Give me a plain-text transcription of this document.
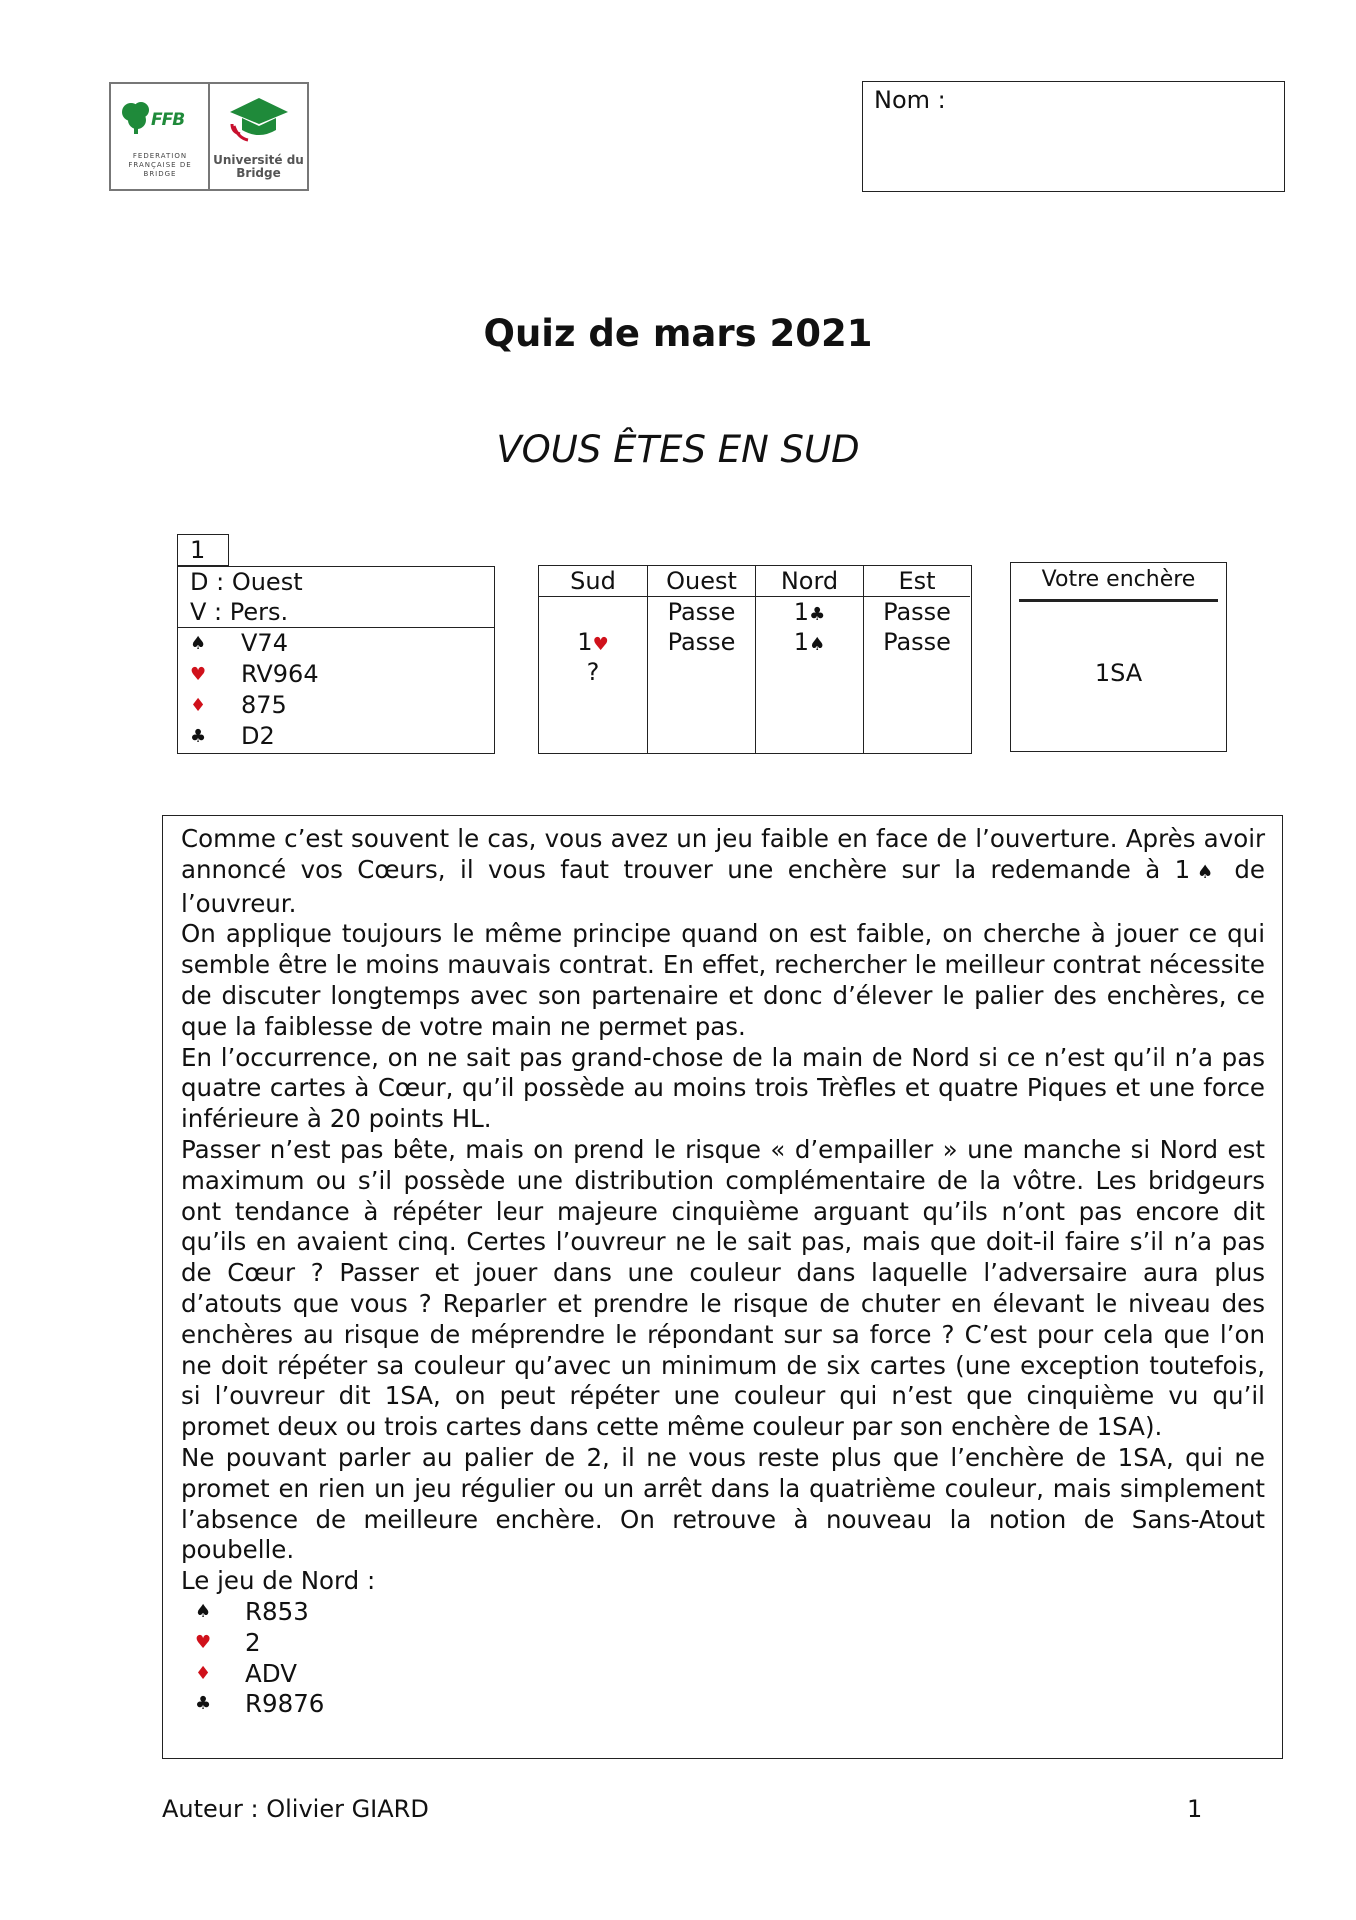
FFB
FEDERATION FRANÇAISE DE BRIDGE
Université du Bridge
Nom :
Quiz de mars 2021
VOUS ÊTES EN SUD
1
D : Ouest
V : Pers.
♠ V74
♥ RV964
♦ 875
♣ D2
Sud
1♥
?
Ouest
Passe
Passe
Nord
1♣
1♠
Est
Passe
Passe
Votre enchère
1SA

Comme c’est souvent le cas, vous avez un jeu faible en face de l’ouverture. Après avoir annoncé vos Cœurs, il vous faut trouver une enchère sur la redemande à 1♠ de l’ouvreur.

On applique toujours le même principe quand on est faible, on cherche à jouer ce qui semble être le moins mauvais contrat. En effet, rechercher le meilleur contrat nécessite de discuter longtemps avec son partenaire et donc d’élever le palier des enchères, ce que la faiblesse de votre main ne permet pas.

En l’occurrence, on ne sait pas grand-chose de la main de Nord si ce n’est qu’il n’a pas quatre cartes à Cœur, qu’il possède au moins trois Trèfles et quatre Piques et une force inférieure à 20 points HL.

Passer n’est pas bête, mais on prend le risque « d’empailler » une manche si Nord est maximum ou s’il possède une distribution complémentaire de la vôtre. Les bridgeurs ont tendance à répéter leur majeure cinquième arguant qu’ils n’ont pas encore dit qu’ils en avaient cinq. Certes l’ouvreur ne le sait pas, mais que doit-il faire s’il n’a pas de Cœur ? Passer et jouer dans une couleur dans laquelle l’adversaire aura plus d’atouts que vous ? Reparler et prendre le risque de chuter en élevant le niveau des enchères au risque de méprendre le répondant sur sa force ? C’est pour cela que l’on ne doit répéter sa couleur qu’avec un minimum de six cartes (une exception toutefois, si l’ouvreur dit 1SA, on peut répéter une couleur qui n’est que cinquième vu qu’il promet deux ou trois cartes dans cette même couleur par son enchère de 1SA).

Ne pouvant parler au palier de 2, il ne vous reste plus que l’enchère de 1SA, qui ne promet en rien un jeu régulier ou un arrêt dans la quatrième couleur, mais simplement l’absence de meilleure enchère. On retrouve à nouveau la notion de Sans-Atout poubelle.

Le jeu de Nord :

♠ R853
♥ 2
♦ ADV
♣ R9876
Auteur : Olivier GIARD	1
